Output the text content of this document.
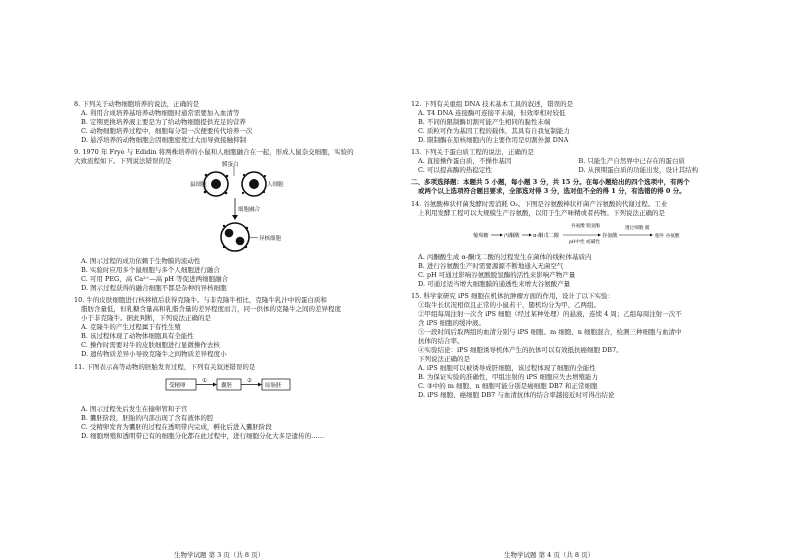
8. 下列关于动物细胞培养的说法，正确的是
A. 利用合成培养基培养动物细胞时通常需要加入血清等
B. 定期更换培养液主要是为了给动物细胞提供充足的营养
C. 动物细胞培养过程中，细胞每分裂一次便要传代培养一次
D. 悬浮培养的动物细胞会因细胞密度过大而导致接触抑制
9. 1970 年 Frye 与 Edidin 将两株培养的小鼠和人细胞融合在一起，形成人鼠杂交细胞，实验的
大致流程如下。下列说法错误的是	膜蛋白
鼠细胞	人细胞
细胞融合
异核细胞
A. 图示过程的成功依赖于生物膜的流动性
B. 实验时应用多个鼠细胞与多个人细胞进行融合
C. 可用 PEG、高 Ca²⁺—高 pH 等促进两细胞融合
D. 图示过程获得的融合细胞不都是杂种的异核细胞
10. 牛的皮肤细胞进行核移植后获得克隆牛。与非克隆牛相比，克隆牛乳汁中的蛋白质和
脂肪含量低，但乳糖含量高和乳脂含量的差异程度而言，同一供体的克隆牛之间的差异程度
小于非克隆牛。据此判断，下列说法正确的是
A. 克隆牛的产生过程属于有性生殖
B. 该过程体现了动物体细胞具有全能性
C. 操作时需要对牛的皮肤细胞进行显微操作去核
D. 遗传物质差异小导致克隆牛之间物质差异程度小
11. 下图表示高等动物的胚胎发育过程，下列有关叙述错误的是
受精卵
①
囊胚
②
原肠胚
A. 图示过程先后发生在输卵管和子宫
B. 囊胚阶段，胚胎的内部出现了含有液体的腔
C. 受精卵发育为囊胚的过程在透明带内完成，孵化后进入囊胚阶段
D. 细胞增殖和透明带已有的细胞分化都在此过程中，进行细胞分化大多是遗传的……
生物学试题 第 3 页（共 8 页）
12. 下列有关重组 DNA 技术基本工具的叙述，错误的是
A. T4 DNA 连接酶可连接平末端，但效率相对较低
B. 不同的限制酶切割可能产生相同的黏性末端
C. 质粒可作为基因工程的载体，其具有自我复制能力
D. 限制酶在原核细胞内的主要作用是切割外源 DNA
13. 下列关于蛋白质工程的说法，正确的是
A. 直接操作蛋白质，不操作基因	B. 只能生产自然界中已存在的蛋白质
C. 可以提高酶的热稳定性	D. 从预期蛋白质的功能出发，设计其结构
二、多项选择题：本题共 5 小题，每小题 3 分，共 15 分。在每小题给出的四个选项中，有两个
或两个以上选项符合题目要求，全部选对得 3 分，选对但不全的得 1 分，有选错的得 0 分。
14. 谷氨酸棒状杆菌发酵时需消耗 O₂。下图是谷氨酸棒状杆菌产谷氨酸的代谢过程。工业
上利用发酵工程可以大规模生产谷氨酸，以用于生产味精或者药物。下列说法正确的是
葡萄糖	丙酮酸	α-酮戊二酸
谷氨酸 脱氢酶
pH中性 或碱性
谷氨酸
透过细胞 膜
胞外 谷氨酸
A. 丙酮酸生成 α-酮戊二酸的过程发生在菌体的线粒体基质内
B. 进行谷氨酸生产时需要源源不断地通入无菌空气
C. pH 可通过影响谷氨酸脱氢酶的活性来影响产物产量
D. 可通过适当增大细胞膜的通透性来增大谷氨酸产量
15. 科学家研究 iPS 细胞在机体抗肿瘤方面的作用，设计了以下实验：
①取牛长状况相似且正常的小鼠若干，随机均分为甲、乙两组。
②甲组每周注射一次含 iPS 细胞（经过某种处理）的悬液，连续 4 周；乙组每周注射一次不
含 iPS 细胞的缓冲液。
③一段时间后取两组的血清分别与 iPS 细胞、m 细胞、n 细胞混合，检测三种细胞与血清中
抗体的结合率。
④实验结论：iPS 细胞诱导机体产生的抗体可以有效抵抗癌细胞 DB7。
下列说法正确的是
A. iPS 细胞可以被诱导成肝细胞，该过程体现了细胞的全能性
B. 为保证实验的准确性，甲组注射的 iPS 细胞应失去增殖能力
C. ③中的 m 细胞、n 细胞可能分别是癌细胞 DB7 和正常细胞
D. iPS 细胞、癌细胞 DB7 与血清抗体的结合率越接近时可得出结论
生物学试题 第 4 页（共 8 页）
